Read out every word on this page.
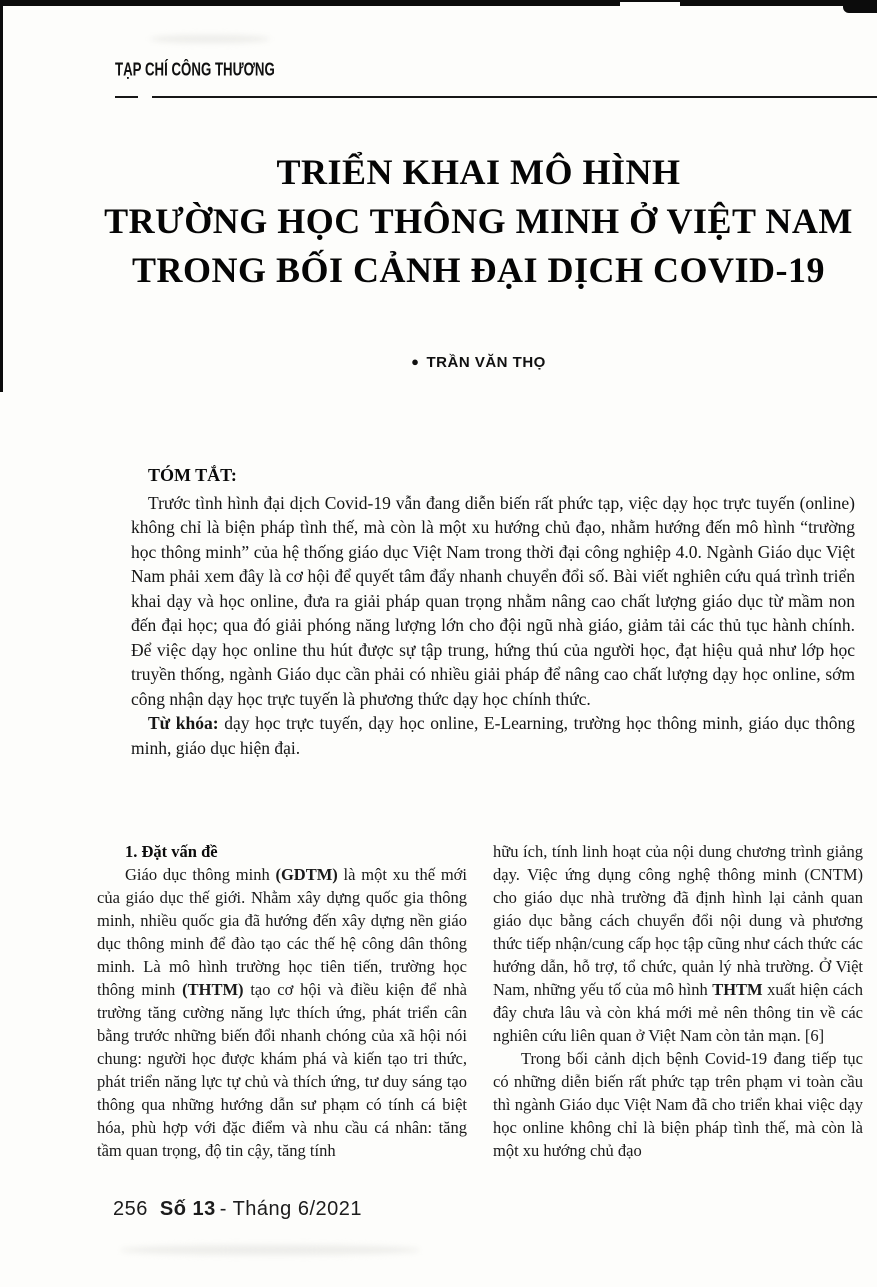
TẠP CHÍ CÔNG THƯƠNG
TRIỂN KHAI MÔ HÌNH
TRƯỜNG HỌC THÔNG MINH Ở VIỆT NAM
TRONG BỐI CẢNH ĐẠI DỊCH COVID-19
● TRẦN VĂN THỌ
TÓM TẮT:

Trước tình hình đại dịch Covid-19 vẫn đang diễn biến rất phức tạp, việc dạy học trực tuyến (online) không chỉ là biện pháp tình thế, mà còn là một xu hướng chủ đạo, nhằm hướng đến mô hình “trường học thông minh” của hệ thống giáo dục Việt Nam trong thời đại công nghiệp 4.0. Ngành Giáo dục Việt Nam phải xem đây là cơ hội để quyết tâm đẩy nhanh chuyển đổi số. Bài viết nghiên cứu quá trình triển khai dạy và học online, đưa ra giải pháp quan trọng nhằm nâng cao chất lượng giáo dục từ mầm non đến đại học; qua đó giải phóng năng lượng lớn cho đội ngũ nhà giáo, giảm tải các thủ tục hành chính. Để việc dạy học online thu hút được sự tập trung, hứng thú của người học, đạt hiệu quả như lớp học truyền thống, ngành Giáo dục cần phải có nhiều giải pháp để nâng cao chất lượng dạy học online, sớm công nhận dạy học trực tuyến là phương thức dạy học chính thức.

Từ khóa: dạy học trực tuyến, dạy học online, E-Learning, trường học thông minh, giáo dục thông minh, giáo dục hiện đại.

1. Đặt vấn đề

Giáo dục thông minh (GDTM) là một xu thế mới của giáo dục thế giới. Nhằm xây dựng quốc gia thông minh, nhiều quốc gia đã hướng đến xây dựng nền giáo dục thông minh để đào tạo các thế hệ công dân thông minh. Là mô hình trường học tiên tiến, trường học thông minh (THTM) tạo cơ hội và điều kiện để nhà trường tăng cường năng lực thích ứng, phát triển cân bằng trước những biến đổi nhanh chóng của xã hội nói chung: người học được khám phá và kiến tạo tri thức, phát triển năng lực tự chủ và thích ứng, tư duy sáng tạo thông qua những hướng dẫn sư phạm có tính cá biệt hóa, phù hợp với đặc điểm và nhu cầu cá nhân: tăng tầm quan trọng, độ tin cậy, tăng tính

hữu ích, tính linh hoạt của nội dung chương trình giảng dạy. Việc ứng dụng công nghệ thông minh (CNTM) cho giáo dục nhà trường đã định hình lại cảnh quan giáo dục bằng cách chuyển đổi nội dung và phương thức tiếp nhận/cung cấp học tập cũng như cách thức các hướng dẫn, hỗ trợ, tổ chức, quản lý nhà trường. Ở Việt Nam, những yếu tố của mô hình THTM xuất hiện cách đây chưa lâu và còn khá mới mẻ nên thông tin về các nghiên cứu liên quan ở Việt Nam còn tản mạn. [6]

Trong bối cảnh dịch bệnh Covid-19 đang tiếp tục có những diễn biến rất phức tạp trên phạm vi toàn cầu thì ngành Giáo dục Việt Nam đã cho triển khai việc dạy học online không chỉ là biện pháp tình thế, mà còn là một xu hướng chủ đạo

256 Số 13 - Tháng 6/2021
